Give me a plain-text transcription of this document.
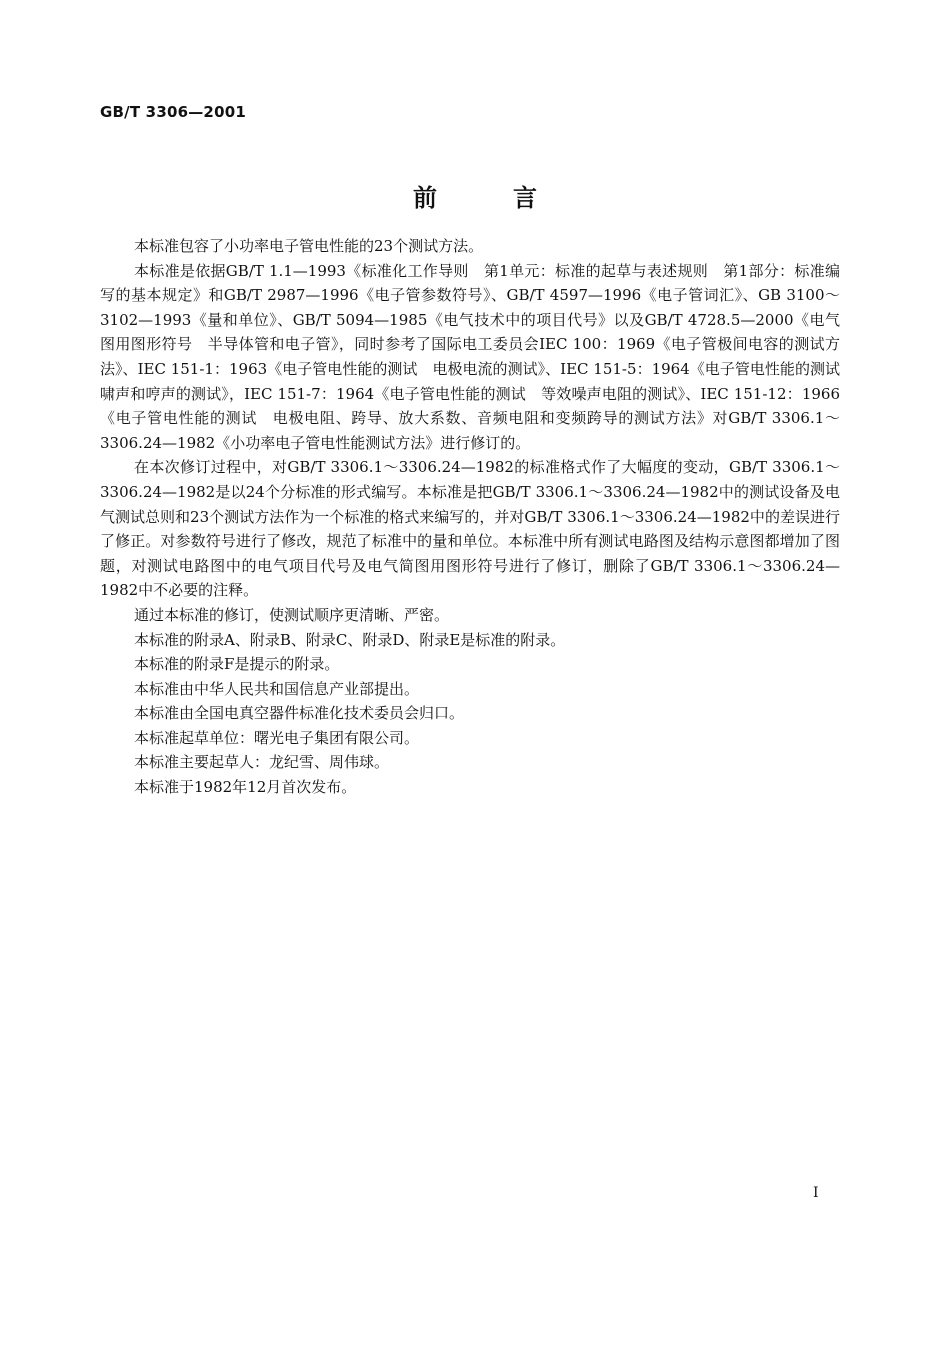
GB/T 3306—2001
前言

本标准包容了小功率电子管电性能的23个测试方法。

本标准是依据GB/T 1.1—1993《标准化工作导则　第1单元：标准的起草与表述规则　第1部分：标准编写的基本规定》和GB/T 2987—1996《电子管参数符号》、GB/T 4597—1996《电子管词汇》、GB 3100～3102—1993《量和单位》、GB/T 5094—1985《电气技术中的项目代号》以及GB/T 4728.5—2000《电气图用图形符号　半导体管和电子管》，同时参考了国际电工委员会IEC 100：1969《电子管极间电容的测试方法》、IEC 151-1：1963《电子管电性能的测试　电极电流的测试》、IEC 151-5：1964《电子管电性能的测试　啸声和哼声的测试》，IEC 151-7：1964《电子管电性能的测试　等效噪声电阻的测试》、IEC 151-12：1966《电子管电性能的测试　电极电阻、跨导、放大系数、音频电阻和变频跨导的测试方法》对GB/T 3306.1～3306.24—1982《小功率电子管电性能测试方法》进行修订的。

在本次修订过程中，对GB/T 3306.1～3306.24—1982的标准格式作了大幅度的变动，GB/T 3306.1～3306.24—1982是以24个分标准的形式编写。本标准是把GB/T 3306.1～3306.24—1982中的测试设备及电气测试总则和23个测试方法作为一个标准的格式来编写的，并对GB/T 3306.1～3306.24—1982中的差误进行了修正。对参数符号进行了修改，规范了标准中的量和单位。本标准中所有测试电路图及结构示意图都增加了图题，对测试电路图中的电气项目代号及电气简图用图形符号进行了修订，删除了GB/T 3306.1～3306.24—1982中不必要的注释。

通过本标准的修订，使测试顺序更清晰、严密。

本标准的附录A、附录B、附录C、附录D、附录E是标准的附录。

本标准的附录F是提示的附录。

本标准由中华人民共和国信息产业部提出。

本标准由全国电真空器件标准化技术委员会归口。

本标准起草单位：曙光电子集团有限公司。

本标准主要起草人：龙纪雪、周伟球。

本标准于1982年12月首次发布。

I
